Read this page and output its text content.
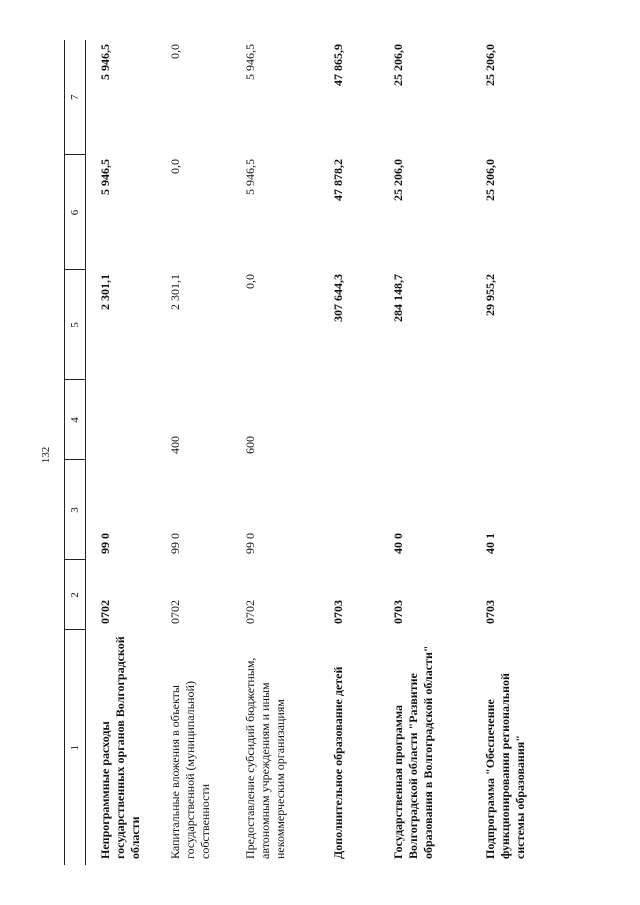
132
1	2	3	4	5	6	7
Непрограммные расходы государственных органов Волгоградской области	0702	99 0		2 301,1	5 946,5	5 946,5
Капитальные вложения в объекты государственной (муниципальной) собственности	0702	99 0	400	2 301,1	0,0	0,0
Предоставление субсидий бюджетным, автономным учреждениям и иным некоммерческим организациям	0702	99 0	600	0,0	5 946,5	5 946,5
Дополнительное образование детей	0703			307 644,3	47 878,2	47 865,9
Государственная программа Волгоградской области "Развитие образования в Волгоградской области"	0703	40 0		284 148,7	25 206,0	25 206,0
Подпрограмма "Обеспечение функционирования региональной системы образования"	0703	40 1		29 955,2	25 206,0	25 206,0
